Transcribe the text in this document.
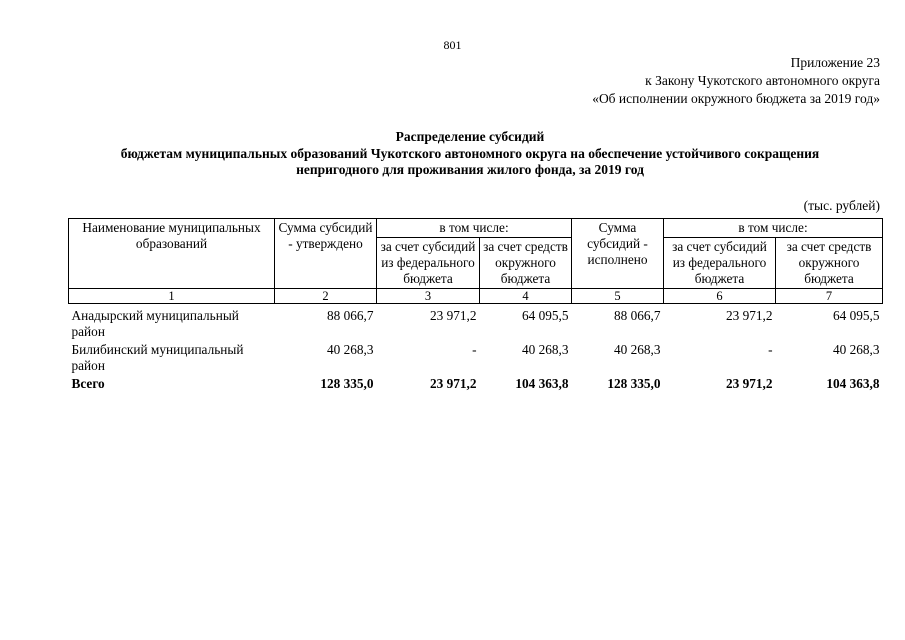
801
Приложение 23
к Закону Чукотского автономного округа
«Об исполнении окружного бюджета за 2019 год»
Распределение субсидий
бюджетам муниципальных образований Чукотского автономного округа на обеспечение устойчивого сокращения
непригодного для проживания жилого фонда, за 2019 год
(тыс. рублей)
Наименование муниципальных образований	Сумма субсидий - утверждено	в том числе:		Сумма субсидий - исполнено	в том числе:	
		за счет субсидий из федерального бюджета	за счет средств окружного бюджета		за счет субсидий из федерального бюджета	за счет средств окружного бюджета
1	2	3	4	5	6	7
Анадырский муниципальный район	88 066,7	23 971,2	64 095,5	88 066,7	23 971,2	64 095,5
Билибинский муниципальный район	40 268,3	-	40 268,3	40 268,3	-	40 268,3
Всего	128 335,0	23 971,2	104 363,8	128 335,0	23 971,2	104 363,8
